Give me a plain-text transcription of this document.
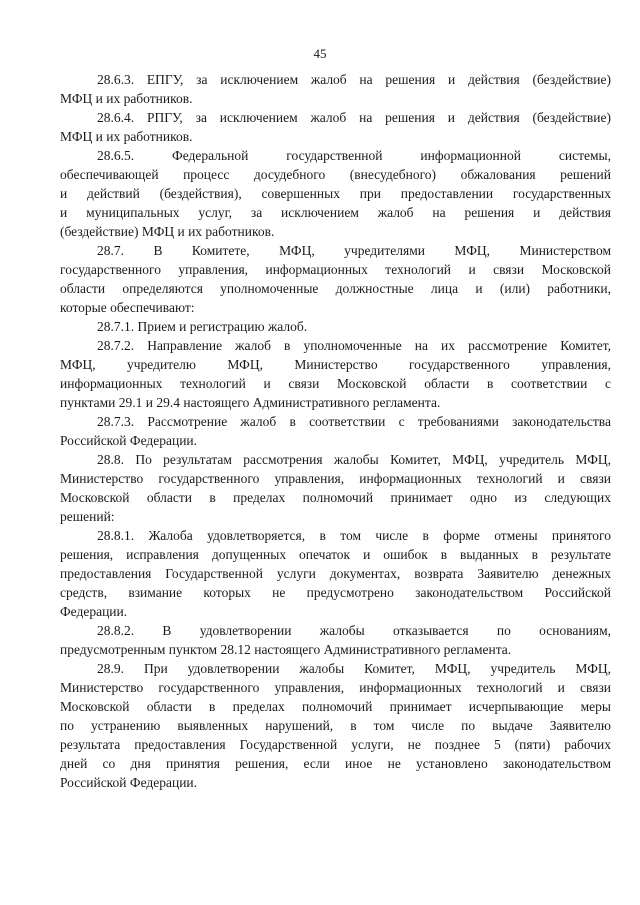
45

28.6.3. ЕПГУ, за исключением жалоб на решения и действия (бездействие)
МФЦ и их работников.

28.6.4. РПГУ, за исключением жалоб на решения и действия (бездействие)
МФЦ и их работников.

28.6.5. Федеральной государственной информационной системы,
обеспечивающей процесс досудебного (внесудебного) обжалования решений
и действий (бездействия), совершенных при предоставлении государственных
и муниципальных услуг, за исключением жалоб на решения и действия
(бездействие) МФЦ и их работников.

28.7. В Комитете, МФЦ, учредителями МФЦ, Министерством
государственного управления, информационных технологий и связи Московской
области определяются уполномоченные должностные лица и (или) работники,
которые обеспечивают:

28.7.1. Прием и регистрацию жалоб.

28.7.2. Направление жалоб в уполномоченные на их рассмотрение Комитет,
МФЦ, учредителю МФЦ, Министерство государственного управления,
информационных технологий и связи Московской области в соответствии с
пунктами 29.1 и 29.4 настоящего Административного регламента.

28.7.3. Рассмотрение жалоб в соответствии с требованиями законодательства
Российской Федерации.

28.8. По результатам рассмотрения жалобы Комитет, МФЦ, учредитель МФЦ,
Министерство государственного управления, информационных технологий и связи
Московской области в пределах полномочий принимает одно из следующих
решений:

28.8.1. Жалоба удовлетворяется, в том числе в форме отмены принятого
решения, исправления допущенных опечаток и ошибок в выданных в результате
предоставления Государственной услуги документах, возврата Заявителю денежных
средств, взимание которых не предусмотрено законодательством Российской
Федерации.

28.8.2. В удовлетворении жалобы отказывается по основаниям,
предусмотренным пунктом 28.12 настоящего Административного регламента.

28.9. При удовлетворении жалобы Комитет, МФЦ, учредитель МФЦ,
Министерство государственного управления, информационных технологий и связи
Московской области в пределах полномочий принимает исчерпывающие меры
по устранению выявленных нарушений, в том числе по выдаче Заявителю
результата предоставления Государственной услуги, не позднее 5 (пяти) рабочих
дней со дня принятия решения, если иное не установлено законодательством
Российской Федерации.
